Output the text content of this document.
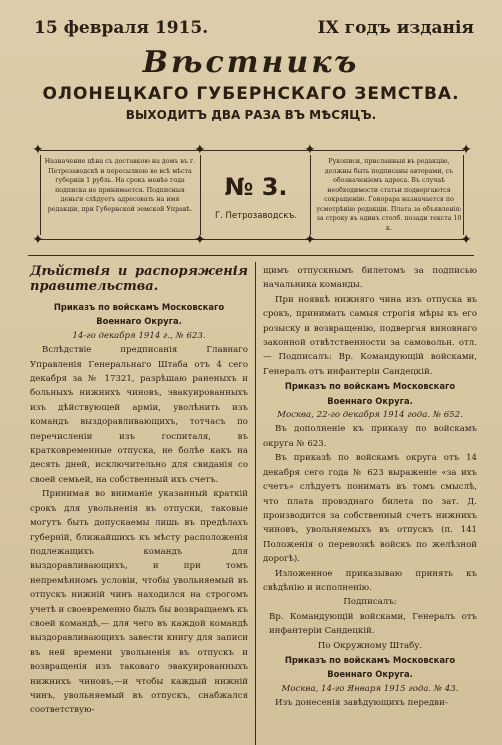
15 февраля 1915.	IX годъ изданія
Вѣстникъ
ОЛОНЕЦКАГО ГУБЕРНСКАГО ЗЕМСТВА.
ВЫХОДИТЪ ДВА РАЗА ВЪ МѢСЯЦЪ.
✦	✦
✦	✦
✦	✦
✦	✦
Назначение цѣна съ доставкою на домъ въ г. Петрозаводскѣ и пересылкою во всѣ мѣста губерніи 1 рубль. На срокъ менѣе года подписка не принимается. Подписныя деньги слѣдуетъ адресовать на имя редакціи, при Губернской земской Управѣ.
№ 3.
Г. Петрозаводскъ.
Рукописи, присланныя въ редакцію, должны быть подписаны авторами, съ обозначеніемъ адреса. Въ случаѣ необходимости статьи подвергаются сокращенію. Гонорара назначается по усмотрѣнію редакціи. Плата за объявленія: за строку въ одинъ столб. позади текста 10 к.

Дѣйствія и распоряженія правительства.

Приказъ по войскамъ Московскаго Военнаго Округа.

14-го декабря 1914 г., № 623.

Вслѣдствіе предписанія Главнаго Управленія Генеральнаго Штаба отъ 4 сего декабря за № 17321, разрѣшаю раненыхъ и больныхъ нижнихъ чиновъ, эвакуированныхъ изъ дѣйствующей арміи, уволѣнить изъ командъ выздоравливающихъ, тотчасъ по перечисленіи изъ госпиталя, въ кратковременные отпуска, не болѣе какъ на десять дней, исключительно для свиданія со своей семьей, на собственный ихъ счетъ.

Принимая во вниманіе указанный краткій срокъ для увольненія въ отпуски, таковые могутъ быть допускаемы лишь въ предѣлахъ губерній, ближайшихъ къ мѣсту расположенія подлежащихъ командъ для выздоравливающихъ, и при томъ непремѣнномъ условіи, чтобы увольняемый въ отпускъ нижній чинъ находился на строгомъ учетѣ и своевременно былъ бы возвращаемъ къ своей командѣ,— для чего въ каждой командѣ выздоравливающихъ завести книгу для записи въ ней времени увольненія въ отпускъ и возвращенія изъ таковаго эвакуированныхъ нижнихъ чиновъ,—и чтобы каждый нижній чинъ, увольняемый въ отпускъ, снабжался соответствую-

щимъ отпускнымъ билетомъ за подписью начальника команды.

При ноявкѣ нижняго чина изъ отпуска въ срокъ, принимать самыя строгія мѣры къ его розыску и возвращенію, подвергая виновнаго законной отвѣтственности за самовольн. отл. — Подписалъ: Вр. Командующій войсками, Генералъ отъ инфантеріи Сандецкій.

Приказъ по войскамъ Московскаго Военнаго Округа.

Москва, 22-го декабря 1914 года. № 652.

Въ дополненіе къ приказу по войскамъ округа № 623.

Въ приказѣ по войскамъ округа отъ 14 декабря сего года № 623 выраженіе «за ихъ счетъ» слѣдуетъ понимать въ томъ смыслѣ, что плата провзднаго билета по зат. Д. производится за собственный счетъ нижнихъ чиновъ, увольняемыхъ въ отпускъ (п. 141 Положенія о перевозкѣ войскъ по желѣзной дорогѣ).

Изложенное приказываю принять къ свѣдѣнію и исполненію.

Подписалъ:

Вр. Командующій войсками, Генералъ отъ инфантеріи Сандецкій.

По Окружному Штабу.

Приказъ по войскамъ Московскаго Военнаго Округа.

Москва, 14-го Января 1915 года. № 43.

Изъ донесенія завѣдующихъ передви-
